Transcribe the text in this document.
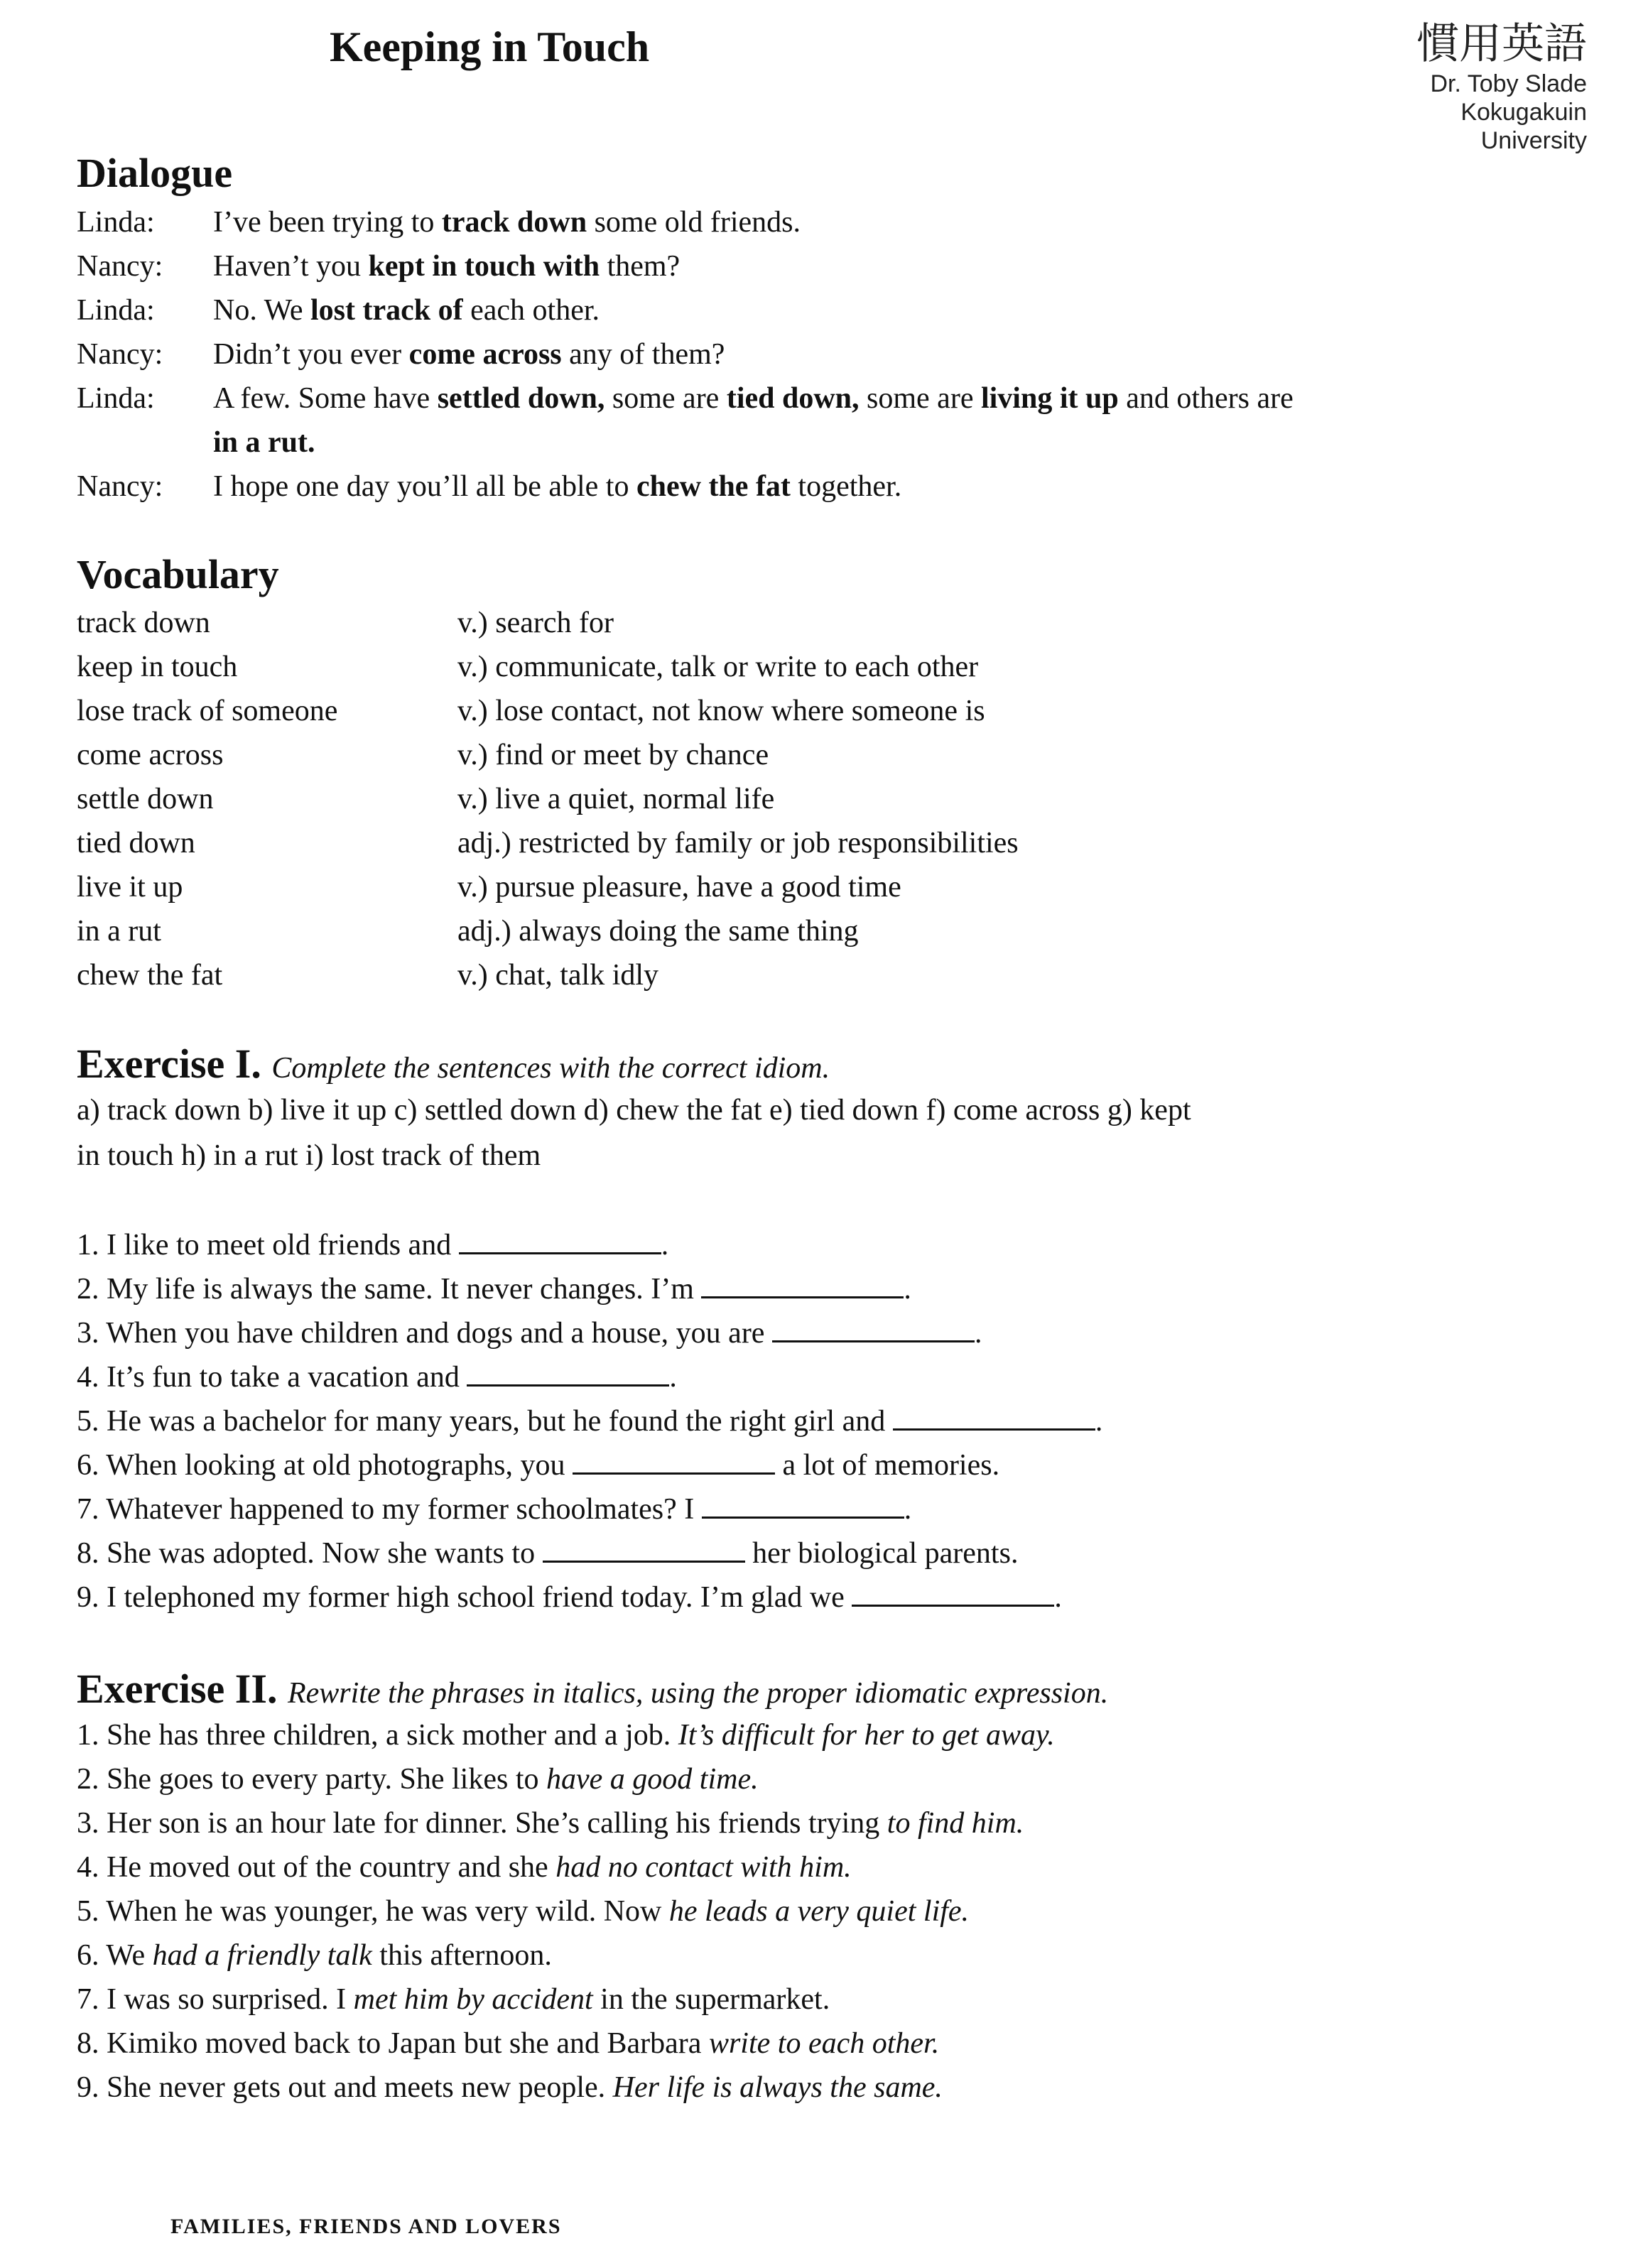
Keeping in Touch	慣用英語
Dr. Toby Slade
Kokugakuin
University
Dialogue
Linda: I’ve been trying to track down some old friends.
Nancy: Haven’t you kept in touch with them?
Linda: No. We lost track of each other.
Nancy: Didn’t you ever come across any of them?
Linda: A few. Some have settled down, some are tied down, some are living it up and others are
in a rut.
Nancy: I hope one day you’ll all be able to chew the fat together.
Vocabulary
track down	v.) search for
keep in touch	v.) communicate, talk or write to each other
lose track of someone	v.) lose contact, not know where someone is
come across	v.) find or meet by chance
settle down	v.) live a quiet, normal life
tied down	adj.) restricted by family or job responsibilities
live it up	v.) pursue pleasure, have a good time
in a rut	adj.) always doing the same thing
chew the fat	v.) chat, talk idly
Exercise I. Complete the sentences with the correct idiom.
a) track down b) live it up c) settled down d) chew the fat e) tied down f) come across g) kept
in touch h) in a rut i) lost track of them
1. I like to meet old friends and	.
2. My life is always the same. It never changes. I’m	.
3. When you have children and dogs and a house, you are	.
4. It’s fun to take a vacation and	.
5. He was a bachelor for many years, but he found the right girl and	.
6. When looking at old photographs, you	a lot of memories.
7. Whatever happened to my former schoolmates? I	.
8. She was adopted. Now she wants to	her biological parents.
9. I telephoned my former high school friend today. I’m glad we	.
Exercise II. Rewrite the phrases in italics, using the proper idiomatic expression.
1. She has three children, a sick mother and a job. It’s difficult for her to get away.
2. She goes to every party. She likes to have a good time.
3. Her son is an hour late for dinner. She’s calling his friends trying to find him.
4. He moved out of the country and she had no contact with him.
5. When he was younger, he was very wild. Now he leads a very quiet life.
6. We had a friendly talk this afternoon.
7. I was so surprised. I met him by accident in the supermarket.
8. Kimiko moved back to Japan but she and Barbara write to each other.
9. She never gets out and meets new people. Her life is always the same.
FAMILIES, FRIENDS AND LOVERS
